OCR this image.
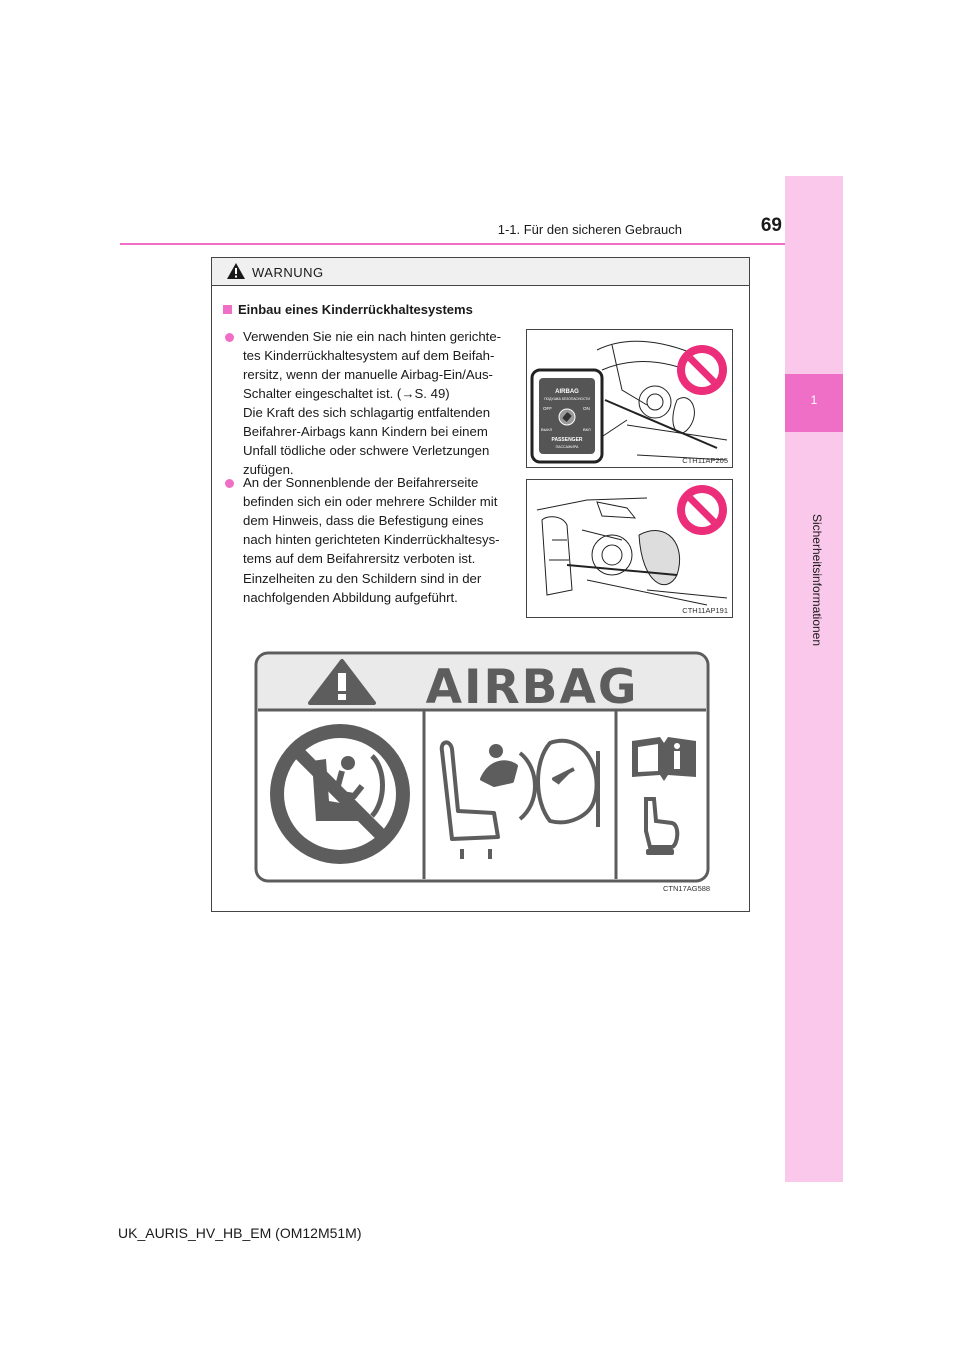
1
Sicherheitsinformationen
1-1. Für den sicheren Gebrauch	69
WARNUNG
Einbau eines Kinderrückhaltesystems
Verwenden Sie nie ein nach hinten gerichte-
tes Kinderrückhaltesystem auf dem Beifah-
rersitz, wenn der manuelle Airbag-Ein/Aus-
Schalter eingeschaltet ist. (→S. 49)
Die Kraft des sich schlagartig entfaltenden
Beifahrer-Airbags kann Kindern bei einem
Unfall tödliche oder schwere Verletzungen
zufügen.
An der Sonnenblende der Beifahrerseite
befinden sich ein oder mehrere Schilder mit
dem Hinweis, dass die Befestigung eines
nach hinten gerichteten Kinderrückhaltesys-
tems auf dem Beifahrersitz verboten ist.
Einzelheiten zu den Schildern sind in der
nachfolgenden Abbildung aufgeführt.
AIRBAG
ПОДУШКА БЕЗОПАСНОСТИ
OFF	ON
ВЫКЛ	ВКЛ
PASSENGER
ПАССАЖИРА
CTH11AP205
CTH11AP191
AIRBAG
CTN17AG588
UK_AURIS_HV_HB_EM (OM12M51M)
